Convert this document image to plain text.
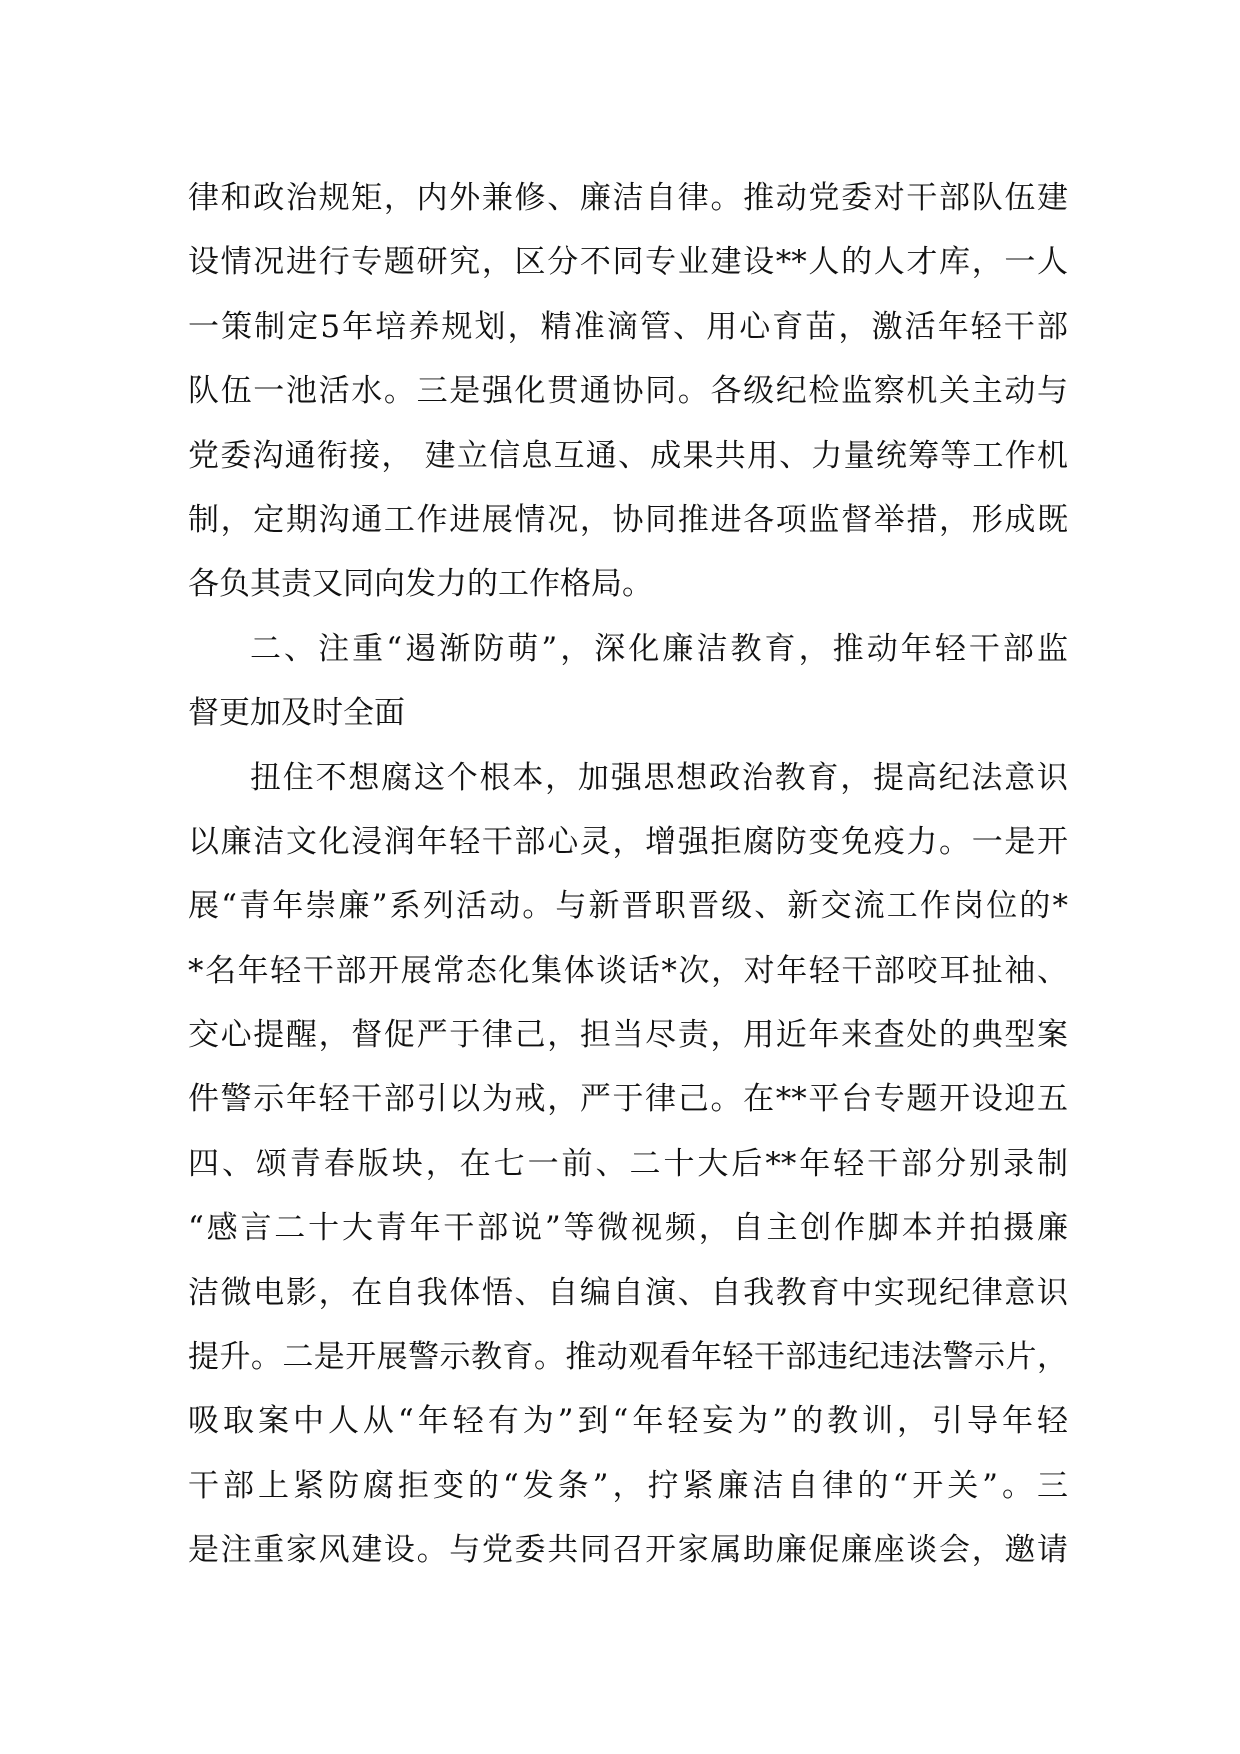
律和政治规矩，内外兼修、廉洁自律。推动党委对干部队伍建
设情况进行专题研究，区分不同专业建设**人的人才库，一人
一策制定5年培养规划，精准滴管、用心育苗，激活年轻干部
队伍一池活水。三是强化贯通协同。各级纪检监察机关主动与
党委沟通衔接， 建立信息互通、成果共用、力量统筹等工作机
制，定期沟通工作进展情况，协同推进各项监督举措，形成既
各负其责又同向发力的工作格局。
二、注重“遏渐防萌”，深化廉洁教育，推动年轻干部监
督更加及时全面
扭住不想腐这个根本，加强思想政治教育，提高纪法意识
以廉洁文化浸润年轻干部心灵，增强拒腐防变免疫力。一是开
展“青年崇廉”系列活动。与新晋职晋级、新交流工作岗位的*
*名年轻干部开展常态化集体谈话*次，对年轻干部咬耳扯袖、
交心提醒，督促严于律己，担当尽责，用近年来查处的典型案
件警示年轻干部引以为戒，严于律己。在**平台专题开设迎五
四、颂青春版块，在七一前、二十大后**年轻干部分别录制
“感言二十大青年干部说”等微视频，自主创作脚本并拍摄廉
洁微电影，在自我体悟、自编自演、自我教育中实现纪律意识
提升。二是开展警示教育。推动观看年轻干部违纪违法警示片，
吸取案中人从“年轻有为”到“年轻妄为”的教训，引导年轻
干部上紧防腐拒变的“发条”，拧紧廉洁自律的“开关”。三
是注重家风建设。与党委共同召开家属助廉促廉座谈会，邀请
